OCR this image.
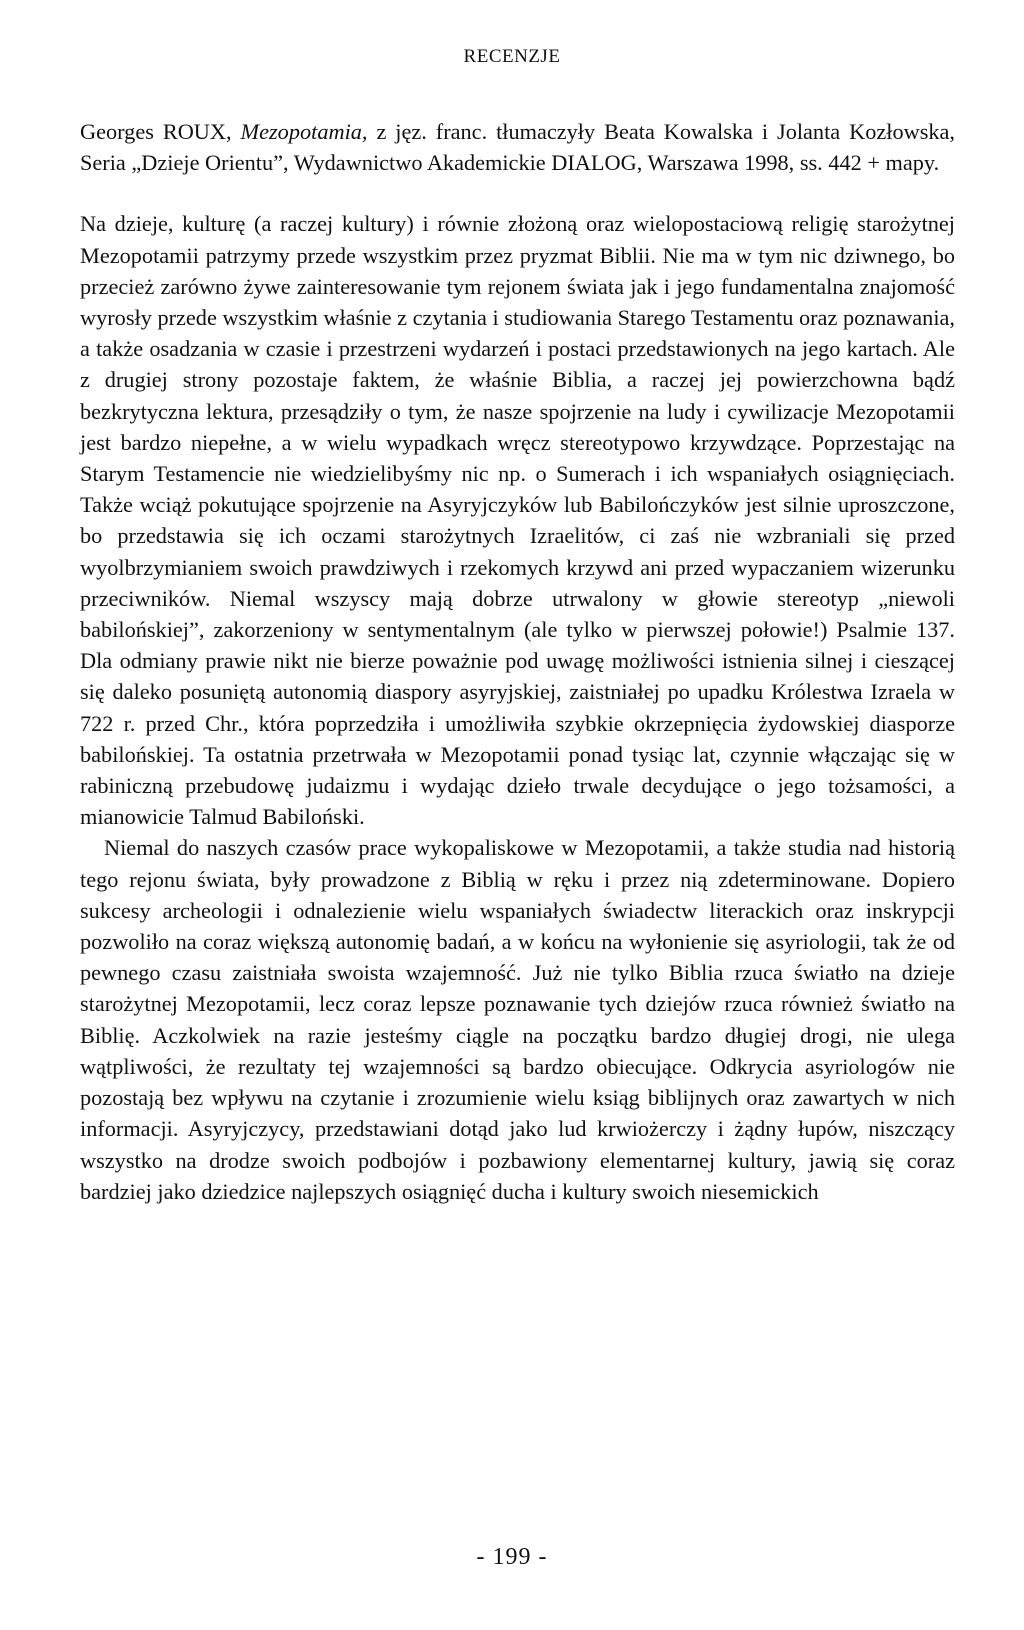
RECENZJE

Georges ROUX, Mezopotamia, z jęz. franc. tłumaczyły Beata Kowalska i Jolanta Kozłowska, Seria „Dzieje Orientu”, Wydawnictwo Akademickie DIALOG, Warszawa 1998, ss. 442 + mapy.

Na dzieje, kulturę (a raczej kultury) i równie złożoną oraz wielopostaciową religię starożytnej Mezopotamii patrzymy przede wszystkim przez pryzmat Biblii. Nie ma w tym nic dziwnego, bo przecież zarówno żywe zainteresowanie tym rejonem świata jak i jego fundamentalna znajomość wyrosły przede wszystkim właśnie z czytania i studiowania Starego Testamentu oraz poznawania, a także osadzania w czasie i przestrzeni wydarzeń i postaci przedstawionych na jego kartach. Ale z drugiej strony pozostaje faktem, że właśnie Biblia, a raczej jej powierzchowna bądź bezkrytyczna lektura, przesądziły o tym, że nasze spojrzenie na ludy i cywilizacje Mezopotamii jest bardzo niepełne, a w wielu wypadkach wręcz stereotypowo krzywdzące. Poprzestając na Starym Testamencie nie wiedzielibyśmy nic np. o Sumerach i ich wspaniałych osiągnięciach. Także wciąż pokutujące spojrzenie na Asyryjczyków lub Babilończyków jest silnie uproszczone, bo przedstawia się ich oczami starożytnych Izraelitów, ci zaś nie wzbraniali się przed wyolbrzymianiem swoich prawdziwych i rzekomych krzywd ani przed wypaczaniem wizerunku przeciwników. Niemal wszyscy mają dobrze utrwalony w głowie stereotyp „niewoli babilońskiej”, zakorzeniony w sentymentalnym (ale tylko w pierwszej połowie!) Psalmie 137. Dla odmiany prawie nikt nie bierze poważnie pod uwagę możliwości istnienia silnej i cieszącej się daleko posuniętą autonomią diaspory asyryjskiej, zaistniałej po upadku Królestwa Izraela w 722 r. przed Chr., która poprzedziła i umożliwiła szybkie okrzepnięcia żydowskiej diasporze babilońskiej. Ta ostatnia przetrwała w Mezopotamii ponad tysiąc lat, czynnie włączając się w rabiniczną przebudowę judaizmu i wydając dzieło trwale decydujące o jego tożsamości, a mianowicie Talmud Babiloński.

Niemal do naszych czasów prace wykopaliskowe w Mezopotamii, a także studia nad historią tego rejonu świata, były prowadzone z Biblią w ręku i przez nią zdeterminowane. Dopiero sukcesy archeologii i odnalezienie wielu wspaniałych świadectw literackich oraz inskrypcji pozwoliło na coraz większą autonomię badań, a w końcu na wyłonienie się asyriologii, tak że od pewnego czasu zaistniała swoista wzajemność. Już nie tylko Biblia rzuca światło na dzieje starożytnej Mezopotamii, lecz coraz lepsze poznawanie tych dziejów rzuca również światło na Biblię. Aczkolwiek na razie jesteśmy ciągle na początku bardzo długiej drogi, nie ulega wątpliwości, że rezultaty tej wzajemności są bardzo obiecujące. Odkrycia asyriologów nie pozostają bez wpływu na czytanie i zrozumienie wielu ksiąg biblijnych oraz zawartych w nich informacji. Asyryjczycy, przedstawiani dotąd jako lud krwiożerczy i żądny łupów, niszczący wszystko na drodze swoich podbojów i pozbawiony elementarnej kultury, jawią się coraz bardziej jako dziedzice najlepszych osiągnięć ducha i kultury swoich niesemickich

- 199 -
